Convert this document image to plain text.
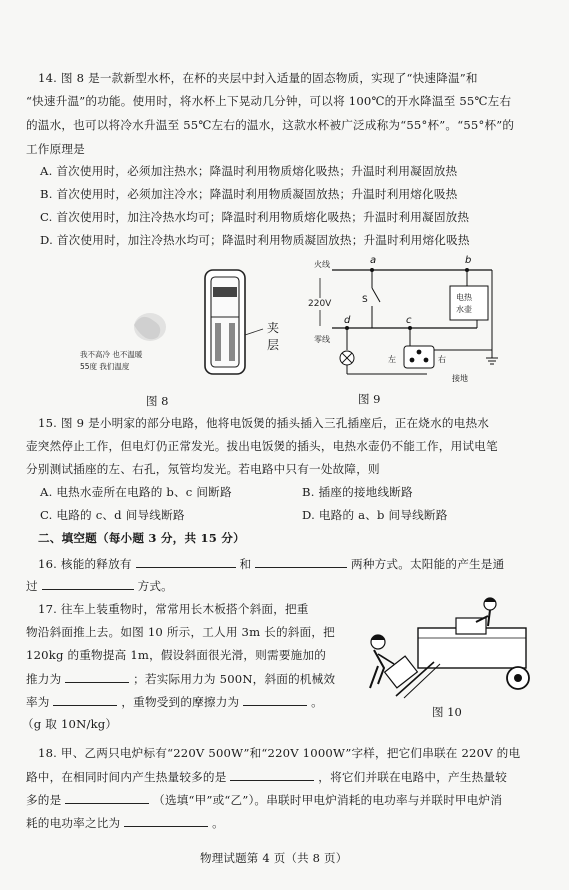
14. 图 8 是一款新型水杯，在杯的夹层中封入适量的固态物质，实现了“快速降温”和
“快速升温”的功能。使用时，将水杯上下晃动几分钟，可以将 100℃的开水降温至 55℃左右
的温水，也可以将冷水升温至 55℃左右的温水，这款水杯被广泛成称为“55°杯”。“55°杯”的
工作原理是
A. 首次使用时，必须加注热水；降温时利用物质熔化吸热；升温时利用凝固放热
B. 首次使用时，必须加注冷水；降温时利用物质凝固放热；升温时利用熔化吸热
C. 首次使用时，加注冷热水均可；降温时利用物质熔化吸热；升温时利用凝固放热
D. 首次使用时，加注冷热水均可；降温时利用物质凝固放热；升温时利用熔化吸热
我不高冷 也不温暖
55度 我们温度
夹
层
图 8
火线
零线
220V
a	b
S
d	c
电热
水壶
左	右
接地
图 9
15. 图 9 是小明家的部分电路，他将电饭煲的插头插入三孔插座后，正在烧水的电热水
壶突然停止工作，但电灯仍正常发光。拔出电饭煲的插头，电热水壶仍不能工作，用试电笔
分别测试插座的左、右孔，氖管均发光。若电路中只有一处故障，则
A. 电热水壶所在电路的 b、c 间断路	B. 插座的接地线断路
C. 电路的 c、d 间导线断路	D. 电路的 a、b 间导线断路
二、填空题（每小题 3 分，共 15 分）
16. 核能的释放有	和	两种方式。太阳能的产生是通
过	方式。
17. 往车上装重物时，常常用长木板搭个斜面，把重
物沿斜面推上去。如图 10 所示，工人用 3m 长的斜面，把
120kg 的重物提高 1m，假设斜面很光滑，则需要施加的
推力为	；若实际用力为 500N，斜面的机械效
率为	，重物受到的摩擦力为	。
（g 取 10N/kg）
图 10
18. 甲、乙两只电炉标有“220V 500W”和“220V 1000W”字样，把它们串联在 220V 的电
路中，在相同时间内产生热量较多的是	，将它们并联在电路中，产生热量较
多的是	（选填“甲”或“乙”）。串联时甲电炉消耗的电功率与并联时甲电炉消
耗的电功率之比为	。
物理试题第 4 页（共 8 页）
